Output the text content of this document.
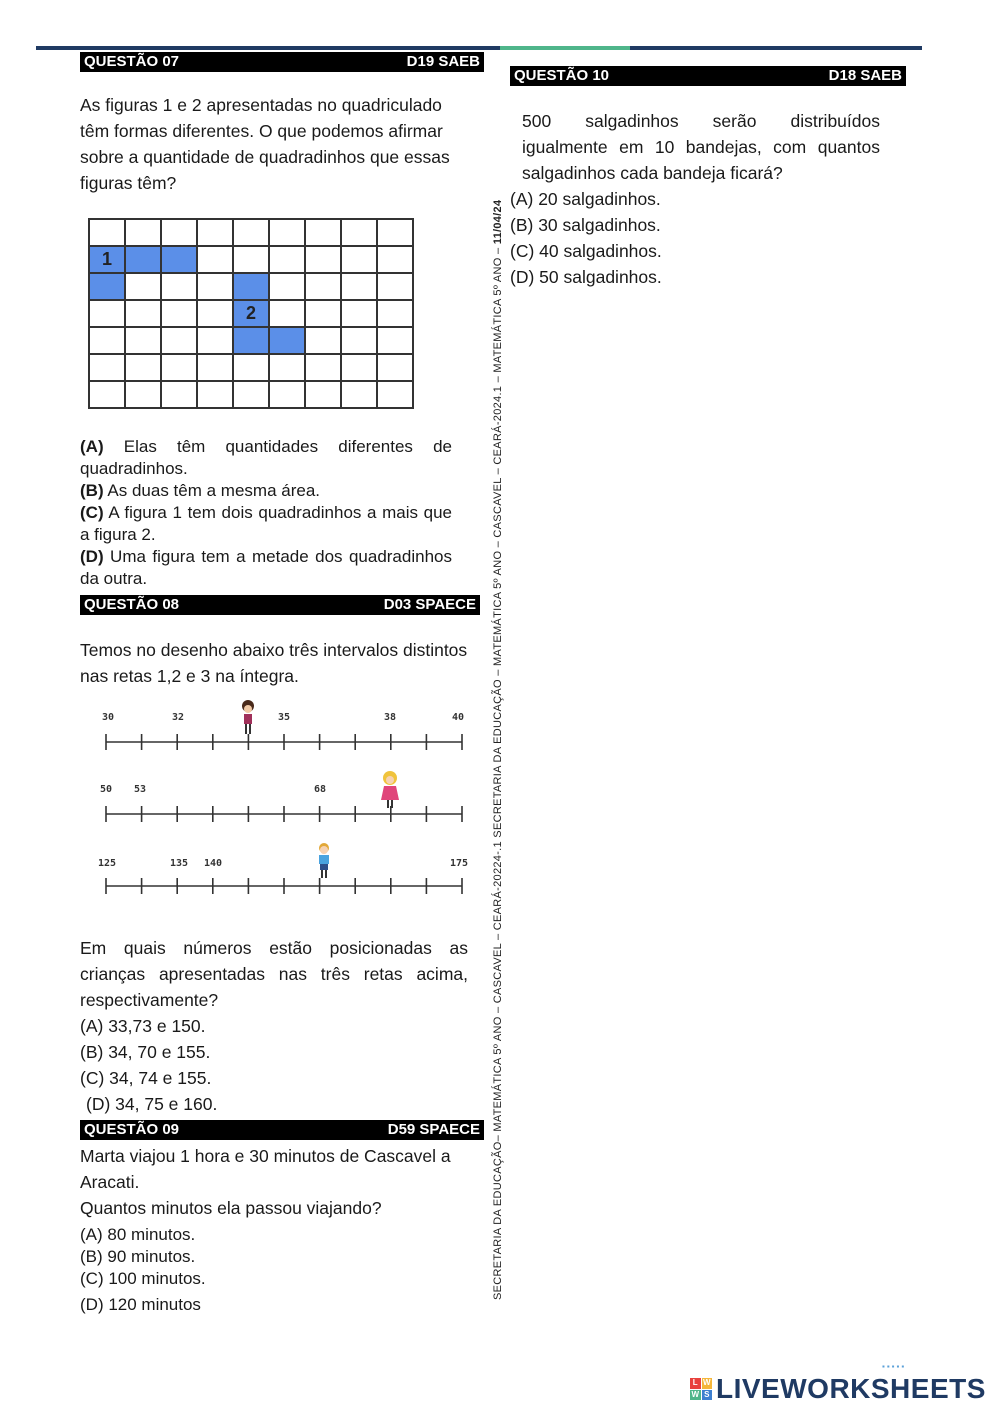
QUESTÃO 07	D19 SAEB
As figuras 1 e 2 apresentadas no quadriculado
têm formas diferentes. O que podemos afirmar
sobre a quantidade de quadradinhos que essas
figuras têm?

1								

				2				

(A) Elas têm quantidades diferentes de quadradinhos.
(B) As duas têm a mesma área.
(C) A figura 1 tem dois quadradinhos a mais que a figura 2.
(D) Uma figura tem a metade dos quadradinhos da outra.
QUESTÃO 08	D03 SPAECE
Temos no desenho abaixo três intervalos distintos
nas retas 1,2 e 3 na íntegra.
30	32	35	38	40
50 53	68
125	135 140	175
Em quais números estão posicionadas as
crianças apresentadas nas três retas acima,
respectivamente?
(A) 33,73 e 150.
(B) 34, 70 e 155.
(C) 34, 74 e 155.
(D) 34, 75 e 160.
QUESTÃO 09	D59 SPAECE
Marta viajou 1 hora e 30 minutos de Cascavel a
Aracati.
Quantos minutos ela passou viajando?
(A) 80 minutos.
(B) 90 minutos.
(C) 100 minutos.
(D) 120 minutos
SECRETARIA DA EDUCAÇÃO– MATEMÁTICA 5º ANO – CASCAVEL – CEARÁ-20224-.1 SECRETARIA DA EDUCAÇÃO – MATEMÁTICA 5º ANO – CASCAVEL – CEARÁ-2024.1 – MATEMÁTICA 5º ANO – 11/04/24
QUESTÃO 10	D18 SAEB
500 salgadinhos serão distribuídos
igualmente em 10 bandejas, com quantos
salgadinhos cada bandeja ficará?
(A) 20 salgadinhos.
(B) 30 salgadinhos.
(C) 40 salgadinhos.
(D) 50 salgadinhos.
▪▪▪▪▪
L W
W S LIVEWORKSHEETS
